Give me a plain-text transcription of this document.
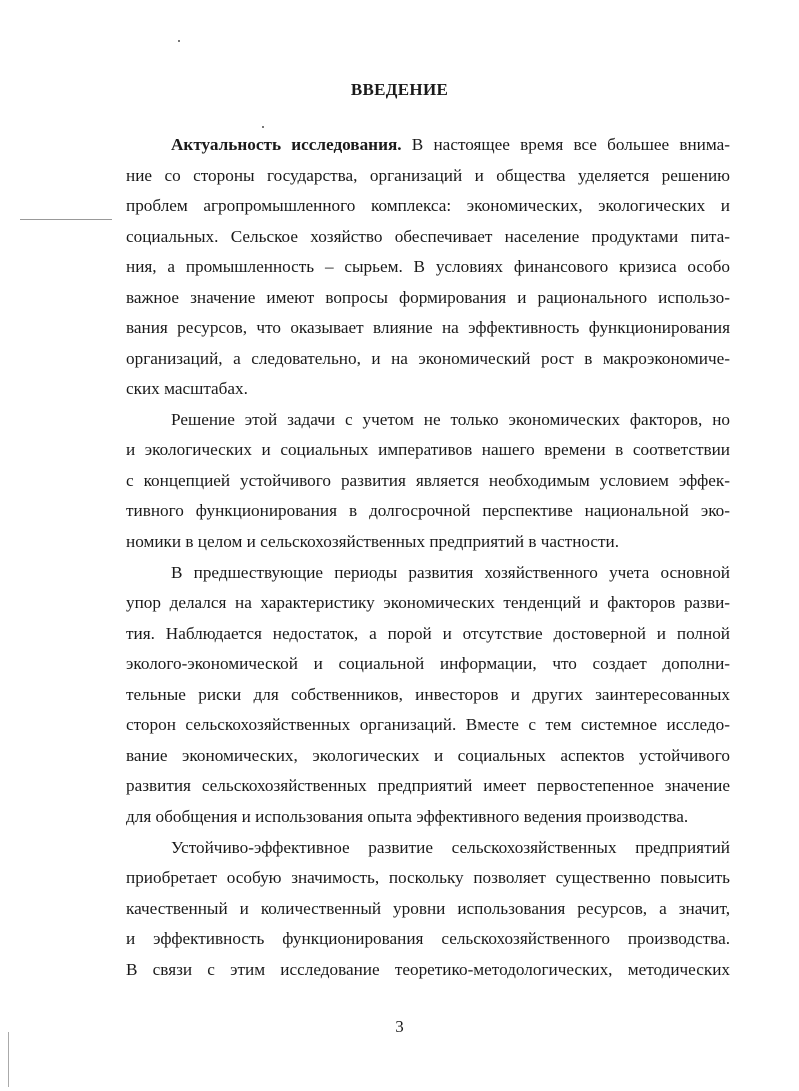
ВВЕДЕНИЕ
Актуальность исследования. В настоящее время все большее внима-
ние со стороны государства, организаций и общества уделяется решению
проблем агропромышленного комплекса: экономических, экологических и
социальных. Сельское хозяйство обеспечивает население продуктами пита-
ния, а промышленность – сырьем. В условиях финансового кризиса особо
важное значение имеют вопросы формирования и рационального использо-
вания ресурсов, что оказывает влияние на эффективность функционирования
организаций, а следовательно, и на экономический рост в макроэкономиче-
ских масштабах.
Решение этой задачи с учетом не только экономических факторов, но
и экологических и социальных императивов нашего времени в соответствии
с концепцией устойчивого развития является необходимым условием эффек-
тивного функционирования в долгосрочной перспективе национальной эко-
номики в целом и сельскохозяйственных предприятий в частности.
В предшествующие периоды развития хозяйственного учета основной
упор делался на характеристику экономических тенденций и факторов разви-
тия. Наблюдается недостаток, а порой и отсутствие достоверной и полной
эколого-экономической и социальной информации, что создает дополни-
тельные риски для собственников, инвесторов и других заинтересованных
сторон сельскохозяйственных организаций. Вместе с тем системное исследо-
вание экономических, экологических и социальных аспектов устойчивого
развития сельскохозяйственных предприятий имеет первостепенное значение
для обобщения и использования опыта эффективного ведения производства.
Устойчиво-эффективное развитие сельскохозяйственных предприятий
приобретает особую значимость, поскольку позволяет существенно повысить
качественный и количественный уровни использования ресурсов, а значит,
и эффективность функционирования сельскохозяйственного производства.
В связи с этим исследование теоретико-методологических, методических
3
